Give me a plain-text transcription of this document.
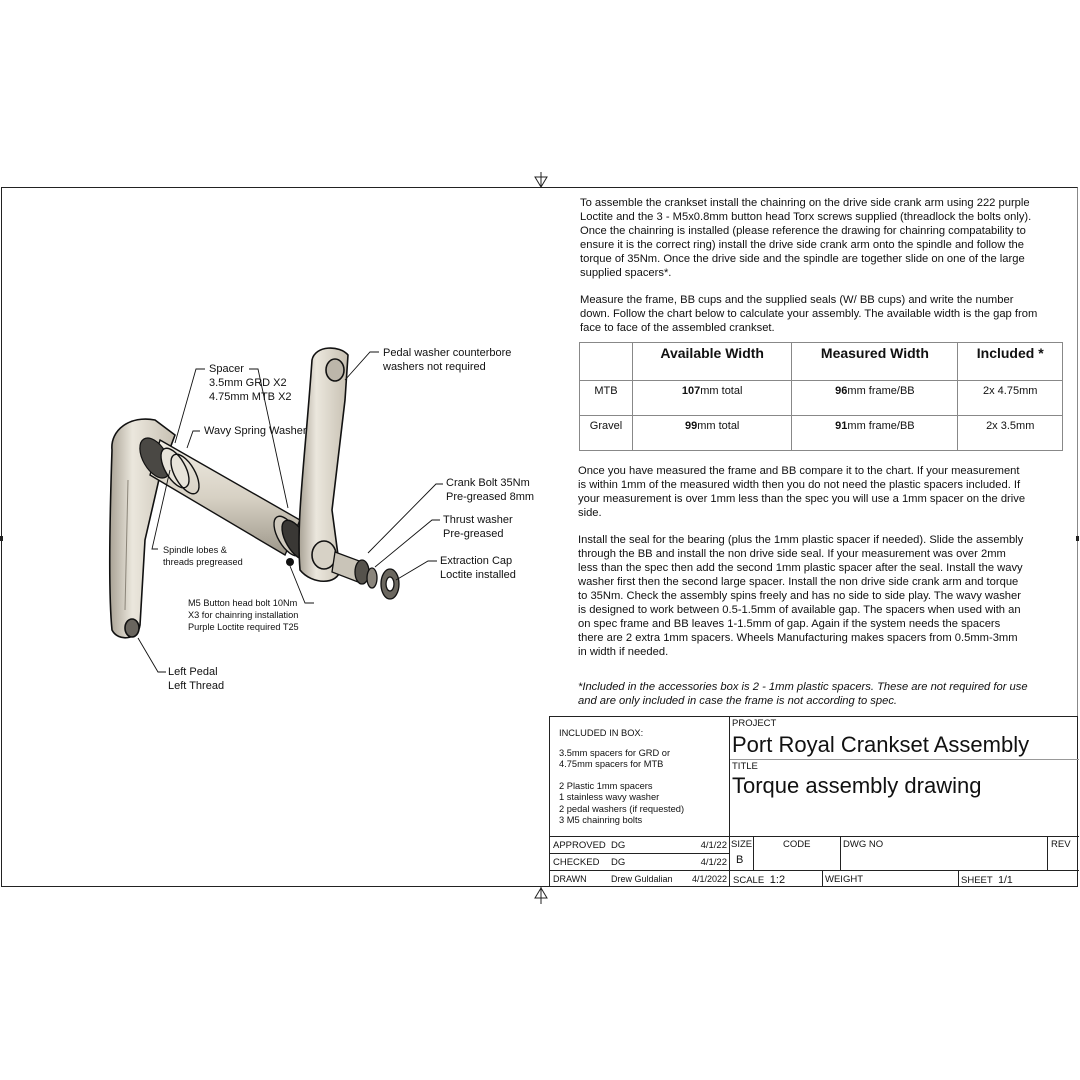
Spacer
3.5mm GRD X2
4.75mm MTB X2
Wavy Spring Washer
Pedal washer counterbore
washers not required
Crank Bolt 35Nm
Pre-greased 8mm
Thrust washer
Pre-greased
Extraction Cap
Loctite installed
Spindle lobes &
threads pregreased
M5 Button head bolt 10Nm
X3 for chainring installation
Purple Loctite required T25
Left Pedal
Left Thread
To assemble the crankset install the chainring on the drive side crank arm using 222 purple Loctite and the 3 - M5x0.8mm button head Torx screws supplied (threadlock the bolts only). Once the chainring is installed (please reference the drawing for chainring compatability to ensure it is the correct ring) install the drive side crank arm onto the spindle and follow the torque of 35Nm. Once the drive side and the spindle are together slide on one of the large supplied spacers*.
Measure the frame, BB cups and the supplied seals (W/ BB cups) and write the number down. Follow the chart below to calculate your assembly. The available width is the gap from face to face of the assembled crankset.
	Available Width	Measured Width	Included *
MTB	107mm total	96mm frame/BB	2x 4.75mm
Gravel	99mm total	91mm frame/BB	2x 3.5mm
Once you have measured the frame and BB compare it to the chart. If your measurement is within 1mm of the measured width then you do not need the plastic spacers included. If your measurement is over 1mm less than the spec you will use a 1mm spacer on the drive side.
Install the seal for the bearing (plus the 1mm plastic spacer if needed). Slide the assembly through the BB and install the non drive side seal. If your measurement was over 2mm less than the spec then add the second 1mm plastic spacer after the seal. Install the wavy washer first then the second large spacer. Install the non drive side crank arm and torque to 35Nm. Check the assembly spins freely and has no side to side play. The wavy washer is designed to work between 0.5-1.5mm of available gap. The spacers when used with an on spec frame and BB leaves 1-1.5mm of gap. Again if the system needs the spacers there are 2 extra 1mm spacers. Wheels Manufacturing makes spacers from 0.5mm-3mm in width if needed.
*Included in the accessories box is 2 - 1mm plastic spacers. These are not required for use and are only included in case the frame is not according to spec.
INCLUDED IN BOX:
3.5mm spacers for GRD or
4.75mm spacers for MTB
2 Plastic 1mm spacers
1 stainless wavy washer
2 pedal washers (if requested)
3 M5 chainring bolts
APPROVED DG	4/1/22
CHECKED DG	4/1/22
DRAWN	Drew Guldalian 4/1/2022
PROJECT
Port Royal Crankset Assembly
TITLE
Torque assembly drawing
SIZE
B
CODE	DWG NO	REV
SCALE 1:2	WEIGHT	SHEET 1/1
